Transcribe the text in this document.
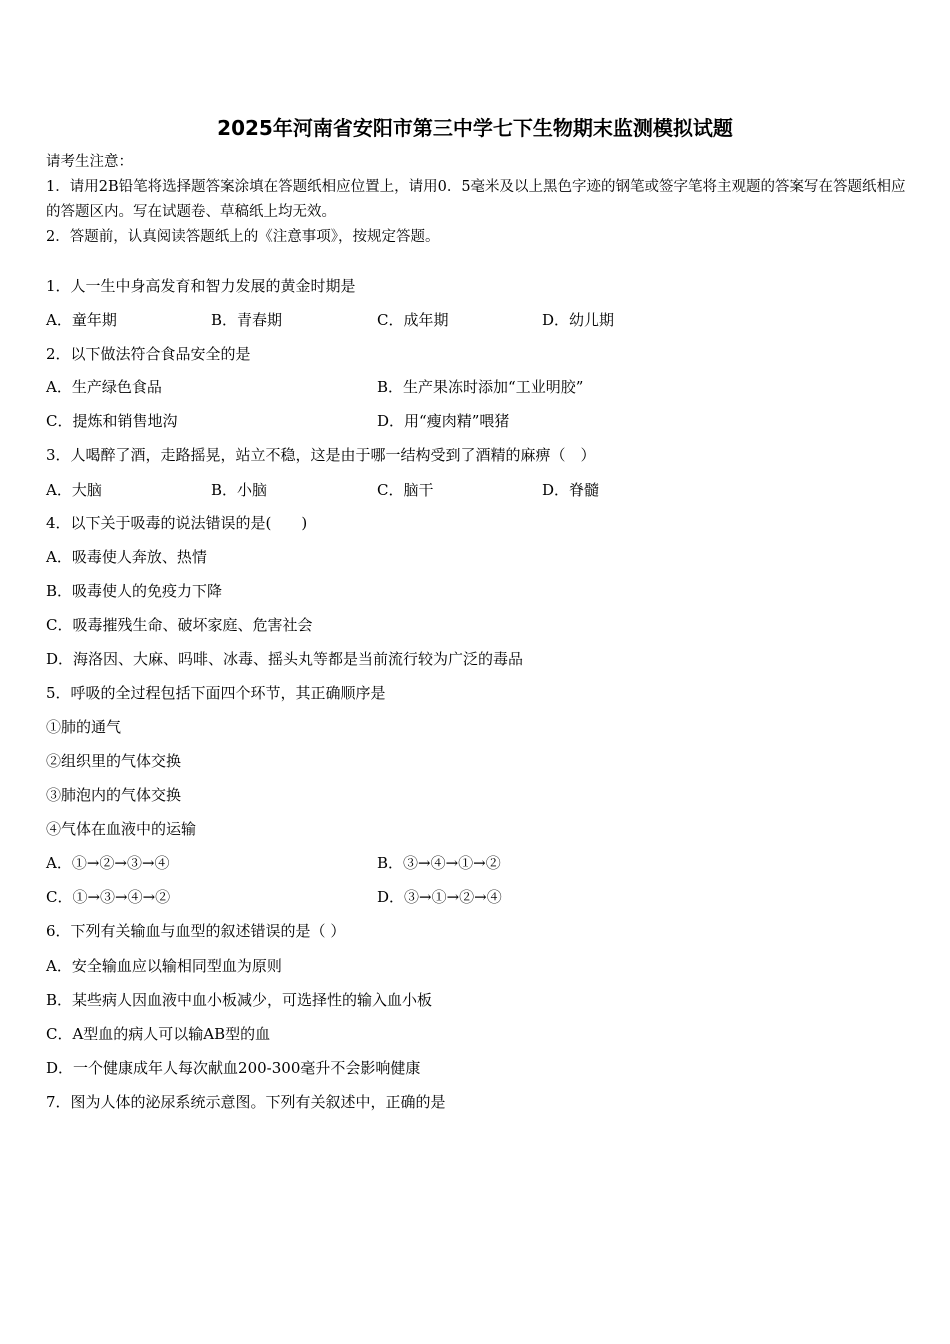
2025年河南省安阳市第三中学七下生物期末监测模拟试题
请考生注意：
1．请用2B铅笔将选择题答案涂填在答题纸相应位置上，请用0．5毫米及以上黑色字迹的钢笔或签字笔将主观题的答案写在答题纸相应的答题区内。写在试题卷、草稿纸上均无效。
2．答题前，认真阅读答题纸上的《注意事项》，按规定答题。
1．人一生中身高发育和智力发展的黄金时期是
A．童年期	B．青春期	C．成年期	D．幼儿期
2．以下做法符合食品安全的是
A．生产绿色食品	B．生产果冻时添加“工业明胶”
C．提炼和销售地沟	D．用“瘦肉精”喂猪
3．人喝醉了酒，走路摇晃，站立不稳，这是由于哪一结构受到了酒精的麻痹（　）
A．大脑	B．小脑	C．脑干	D．脊髓
4．以下关于吸毒的说法错误的是(　　)
A．吸毒使人奔放、热情
B．吸毒使人的免疫力下降
C．吸毒摧残生命、破坏家庭、危害社会
D．海洛因、大麻、吗啡、冰毒、摇头丸等都是当前流行较为广泛的毒品
5．呼吸的全过程包括下面四个环节，其正确顺序是
①肺的通气
②组织里的气体交换
③肺泡内的气体交换
④气体在血液中的运输
A．①→②→③→④	B．③→④→①→②
C．①→③→④→②	D．③→①→②→④
6．下列有关输血与血型的叙述错误的是（ ）
A．安全输血应以输相同型血为原则
B．某些病人因血液中血小板减少，可选择性的输入血小板
C．A型血的病人可以输AB型的血
D．一个健康成年人每次献血200-300毫升不会影响健康
7．图为人体的泌尿系统示意图。下列有关叙述中，正确的是
